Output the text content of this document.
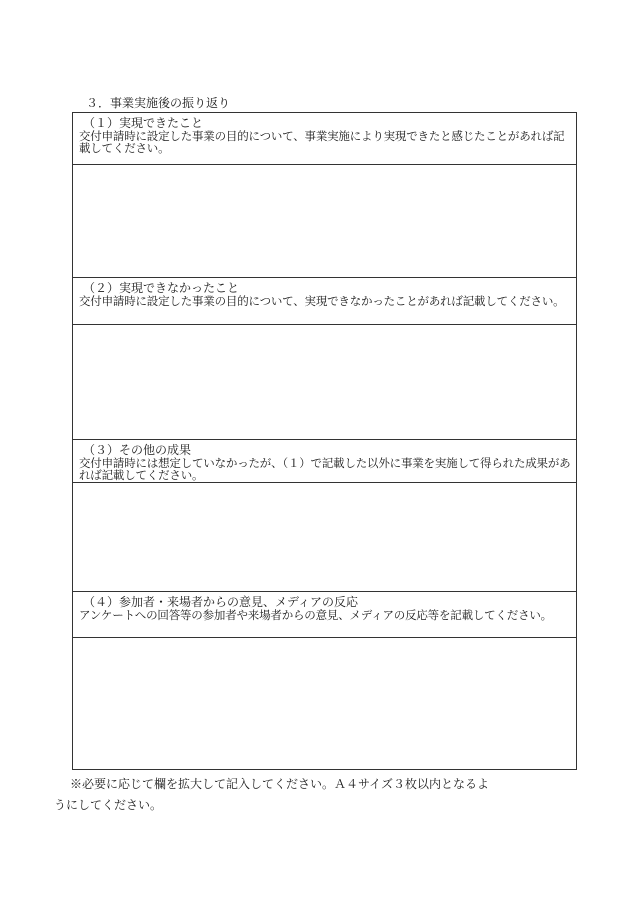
３．事業実施後の振り返り
（１）実現できたこと
交付申請時に設定した事業の目的について、事業実施により実現できたと感じたことがあれば記載してください。
（２）実現できなかったこと
交付申請時に設定した事業の目的について、実現できなかったことがあれば記載してください。
（３）その他の成果
交付申請時には想定していなかったが、（１）で記載した以外に事業を実施して得られた成果があれば記載してください。
（４）参加者・来場者からの意見、メディアの反応
アンケートへの回答等の参加者や来場者からの意見、メディアの反応等を記載してください。
※必要に応じて欄を拡大して記入してください。Ａ４サイズ３枚以内となるよ
うにしてください。
